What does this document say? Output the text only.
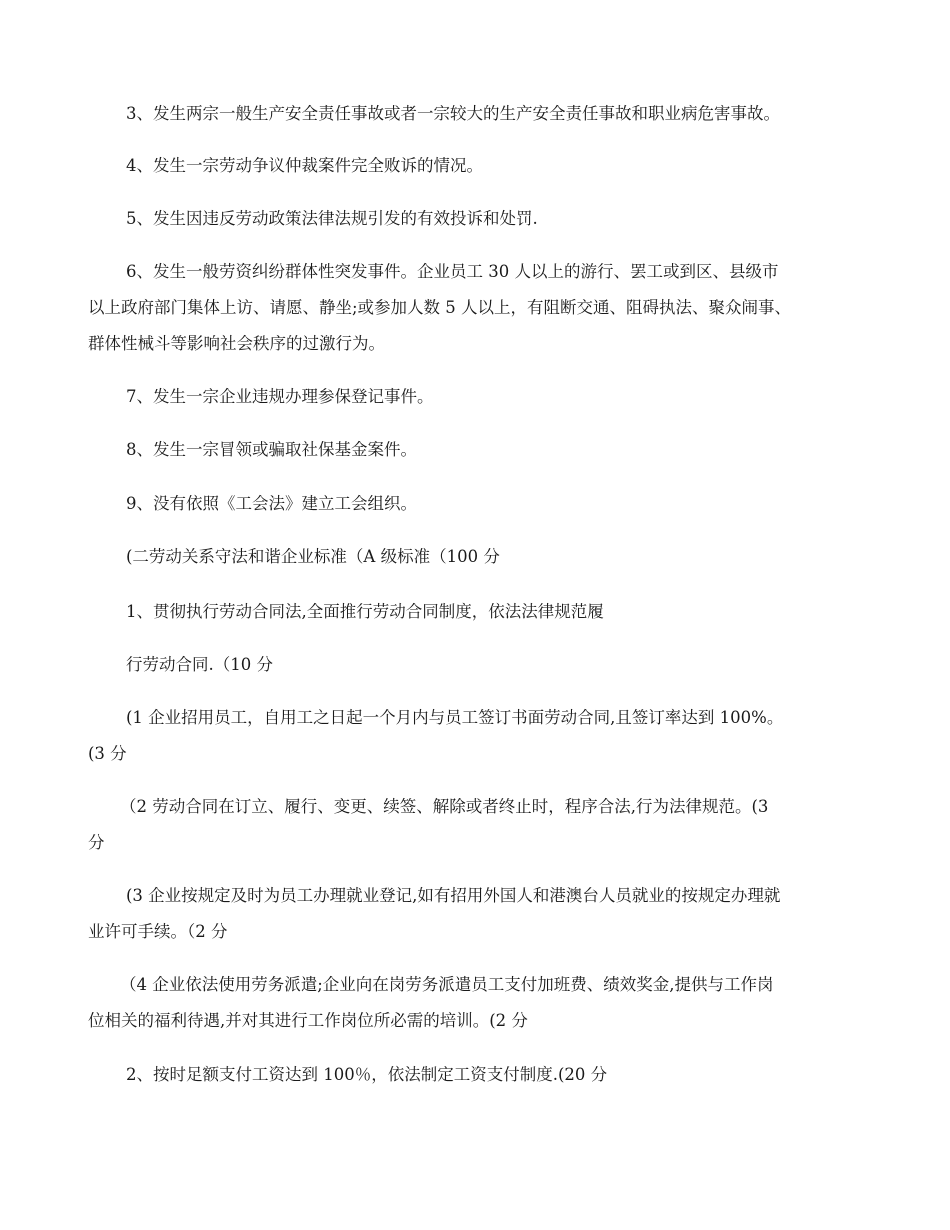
3、发生两宗一般生产安全责任事故或者一宗较大的生产安全责任事故和职业病危害事故。
4、发生一宗劳动争议仲裁案件完全败诉的情况。
5、发生因违反劳动政策法律法规引发的有效投诉和处罚.
6、发生一般劳资纠纷群体性突发事件。企业员工 30 人以上的游行、罢工或到区、县级市
以上政府部门集体上访、请愿、静坐;或参加人数 5 人以上，有阻断交通、阻碍执法、聚众闹事、
群体性械斗等影响社会秩序的过激行为。
7、发生一宗企业违规办理参保登记事件。
8、发生一宗冒领或骗取社保基金案件。
9、没有依照《工会法》建立工会组织。
(二劳动关系守法和谐企业标准（A 级标准（100 分
1、贯彻执行劳动合同法,全面推行劳动合同制度，依法法律规范履
行劳动合同.（10 分
(1 企业招用员工，自用工之日起一个月内与员工签订书面劳动合同,且签订率达到 100%。
(3 分
（2 劳动合同在订立、履行、变更、续签、解除或者终止时，程序合法,行为法律规范。(3
分
(3 企业按规定及时为员工办理就业登记,如有招用外国人和港澳台人员就业的按规定办理就
业许可手续。（2 分
（4 企业依法使用劳务派遣;企业向在岗劳务派遣员工支付加班费、绩效奖金,提供与工作岗
位相关的福利待遇,并对其进行工作岗位所必需的培训。(2 分
2、按时足额支付工资达到 100％，依法制定工资支付制度.(20 分
